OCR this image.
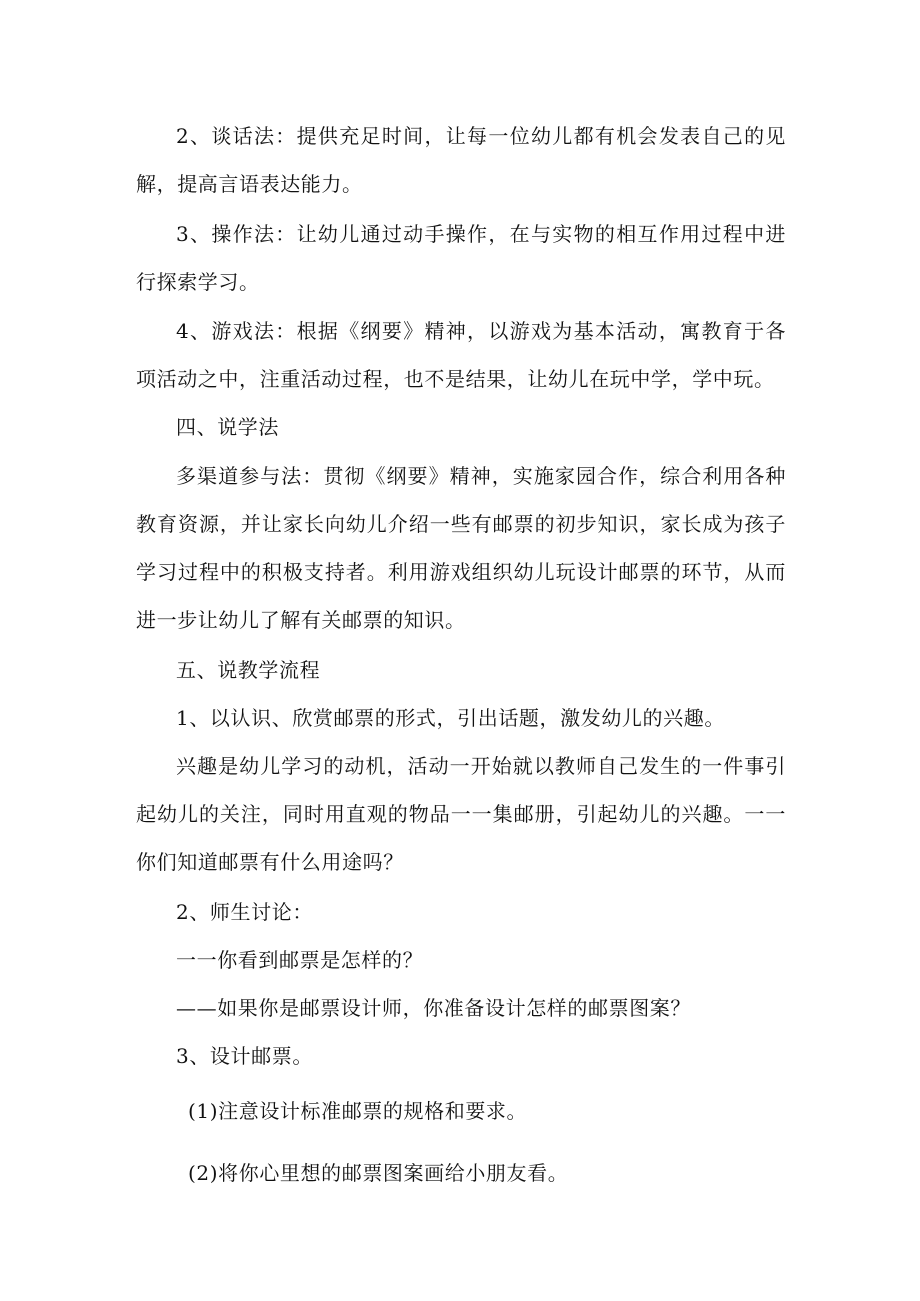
2、谈话法：提供充足时间，让每一位幼儿都有机会发表自己的见解，提高言语表达能力。

3、操作法：让幼儿通过动手操作，在与实物的相互作用过程中进行探索学习。

4、游戏法：根据《纲要》精神，以游戏为基本活动，寓教育于各项活动之中，注重活动过程，也不是结果，让幼儿在玩中学，学中玩。

四、说学法

多渠道参与法：贯彻《纲要》精神，实施家园合作，综合利用各种教育资源，并让家长向幼儿介绍一些有邮票的初步知识，家长成为孩子学习过程中的积极支持者。利用游戏组织幼儿玩设计邮票的环节，从而进一步让幼儿了解有关邮票的知识。

五、说教学流程

1、以认识、欣赏邮票的形式，引出话题，激发幼儿的兴趣。

兴趣是幼儿学习的动机，活动一开始就以教师自己发生的一件事引起幼儿的关注，同时用直观的物品一一集邮册，引起幼儿的兴趣。一一你们知道邮票有什么用途吗？

2、师生讨论：

一一你看到邮票是怎样的？

——如果你是邮票设计师，你准备设计怎样的邮票图案？

3、设计邮票。

(1)注意设计标准邮票的规格和要求。

(2)将你心里想的邮票图案画给小朋友看。
